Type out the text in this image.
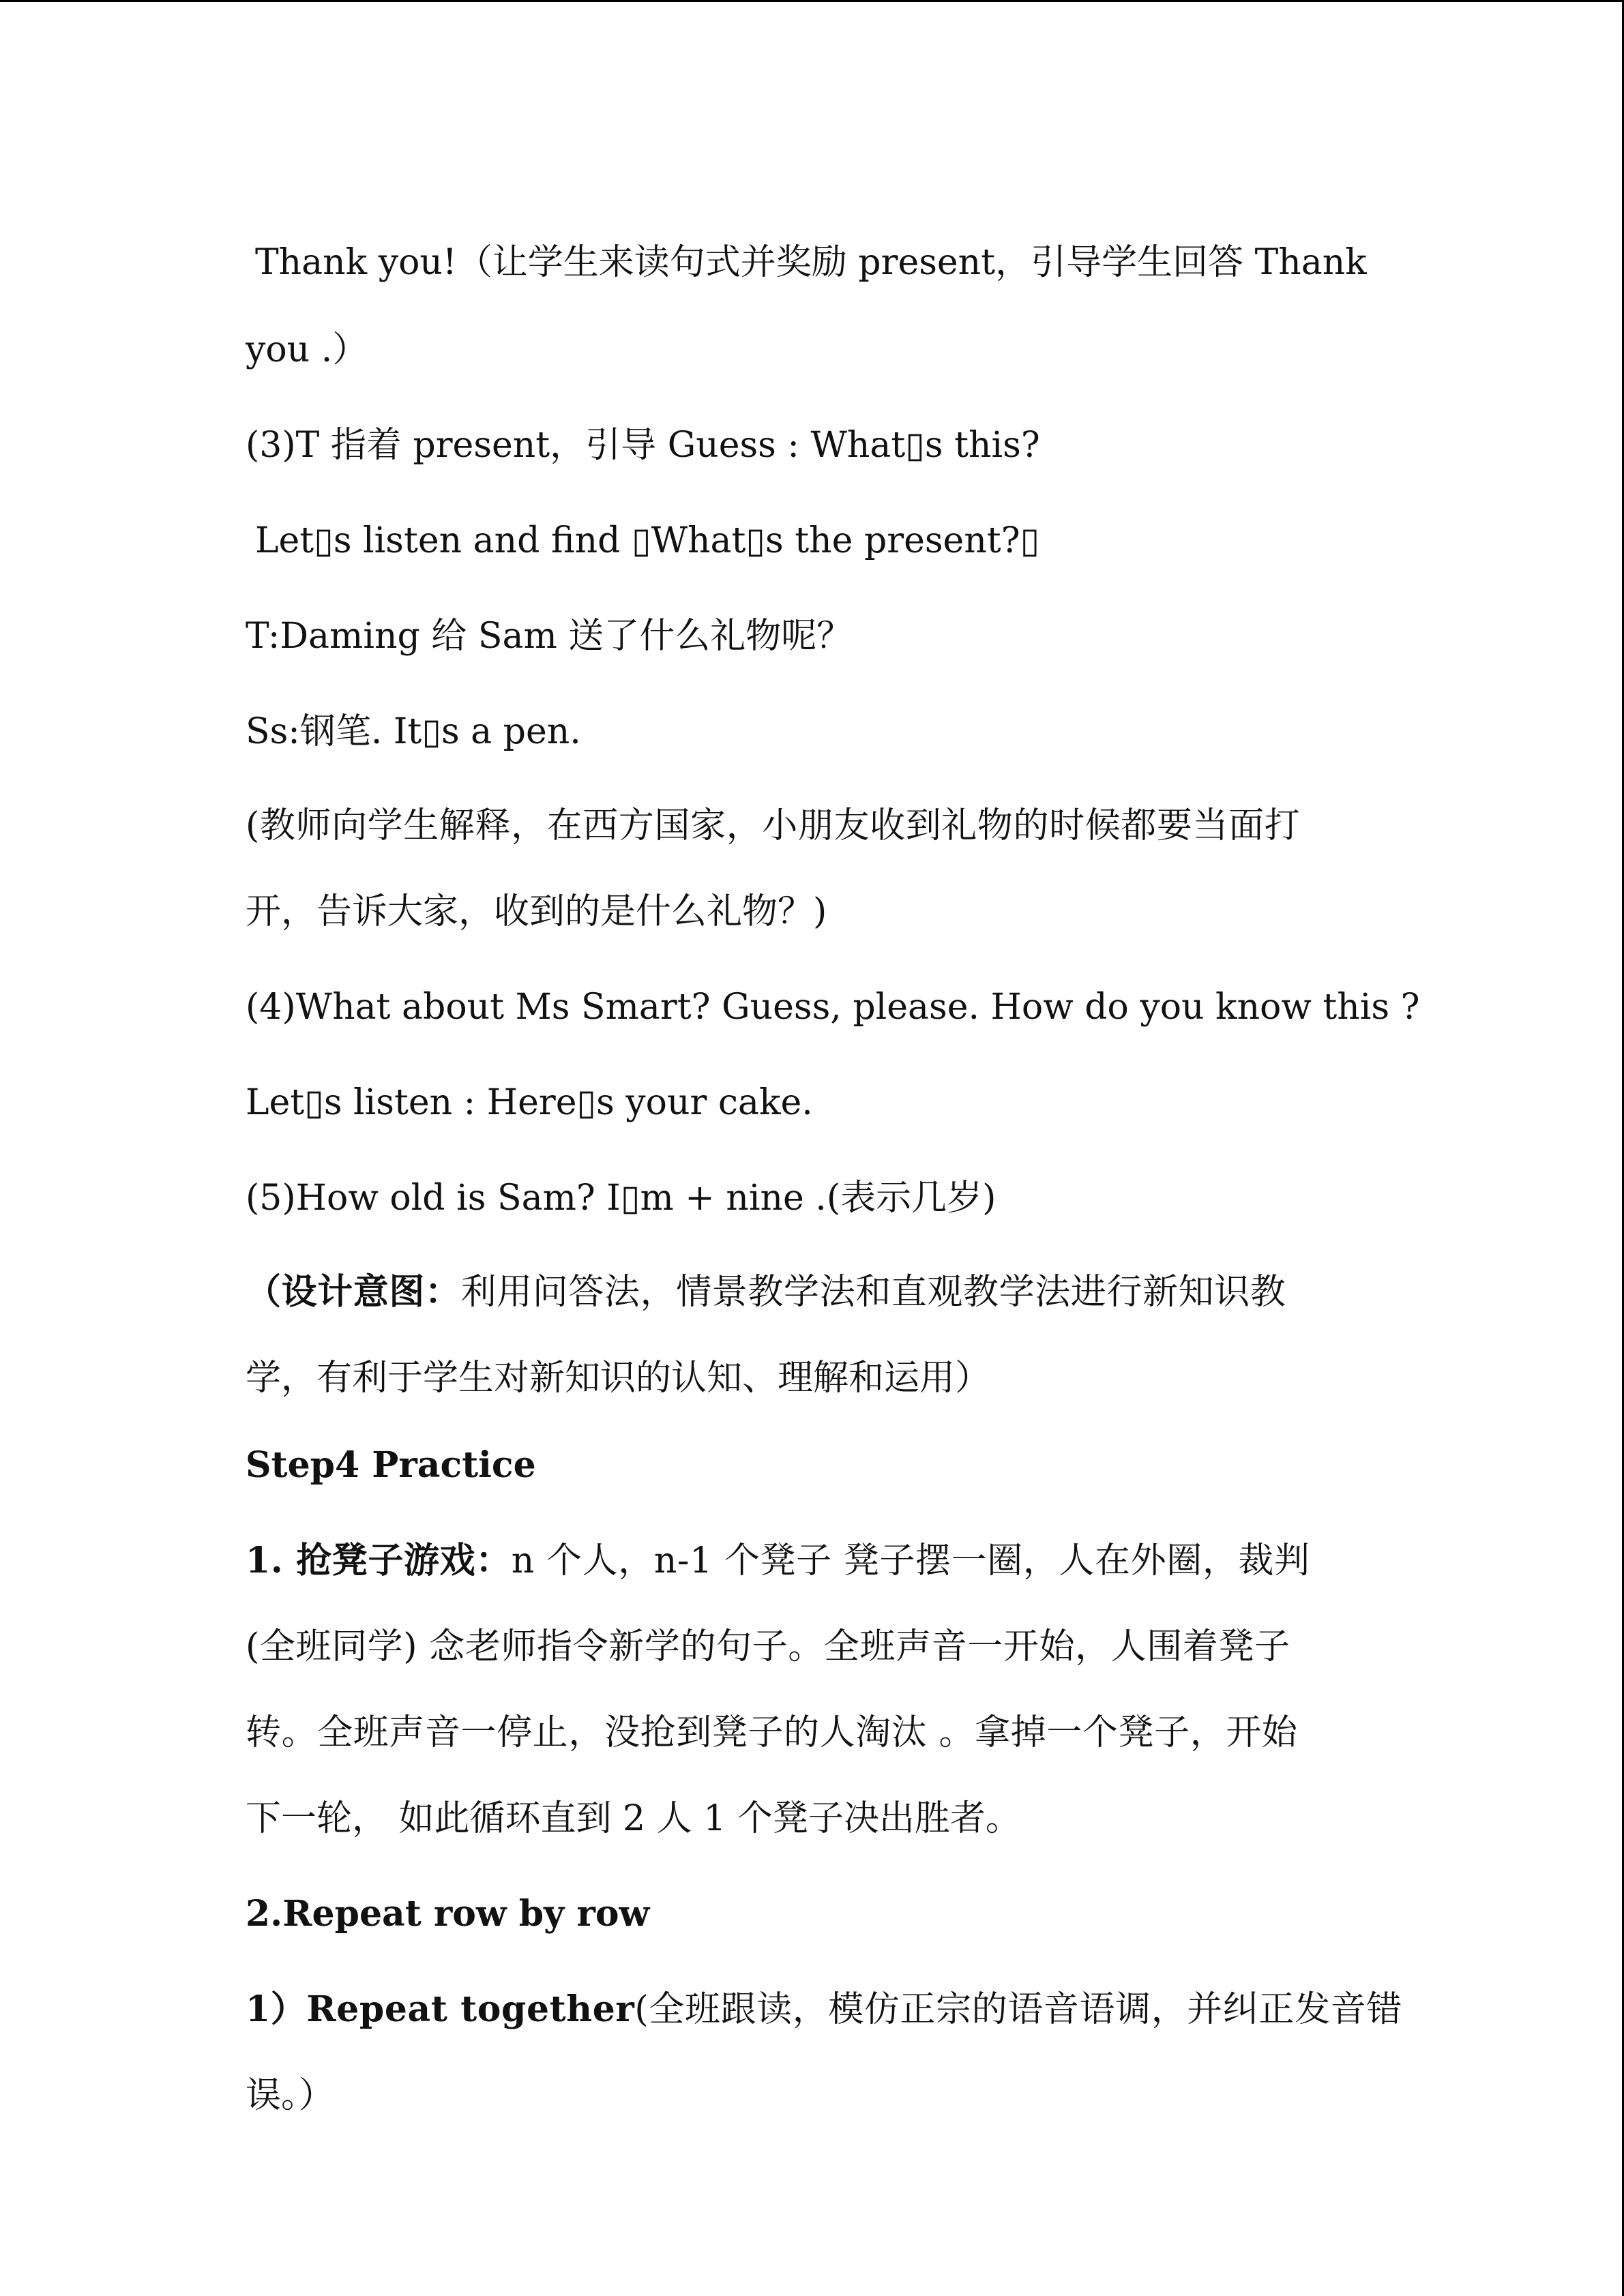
Thank you!（让学生来读句式并奖励 present，引导学生回答 Thank
you .）
(3)T 指着 present，引导 Guess : What▯s this?
Let▯s listen and find ▯What▯s the present?▯
T:Daming 给 Sam 送了什么礼物呢？
Ss:钢笔. It▯s a pen.
(教师向学生解释，在西方国家，小朋友收到礼物的时候都要当面打
开，告诉大家，收到的是什么礼物？)
(4)What about Ms Smart? Guess, please. How do you know this ?
Let▯s listen : Here▯s your cake.
(5)How old is Sam? I▯m + nine .(表示几岁)
（设计意图：利用问答法，情景教学法和直观教学法进行新知识教
学，有利于学生对新知识的认知、理解和运用）
Step4 Practice
1. 抢凳子游戏：n 个人，n-1 个凳子 凳子摆一圈，人在外圈，裁判
(全班同学) 念老师指令新学的句子。全班声音一开始，人围着凳子
转。全班声音一停止，没抢到凳子的人淘汰 。拿掉一个凳子，开始
下一轮， 如此循环直到 2 人 1 个凳子决出胜者。
2.Repeat row by row
1）Repeat together(全班跟读，模仿正宗的语音语调，并纠正发音错
误。）
